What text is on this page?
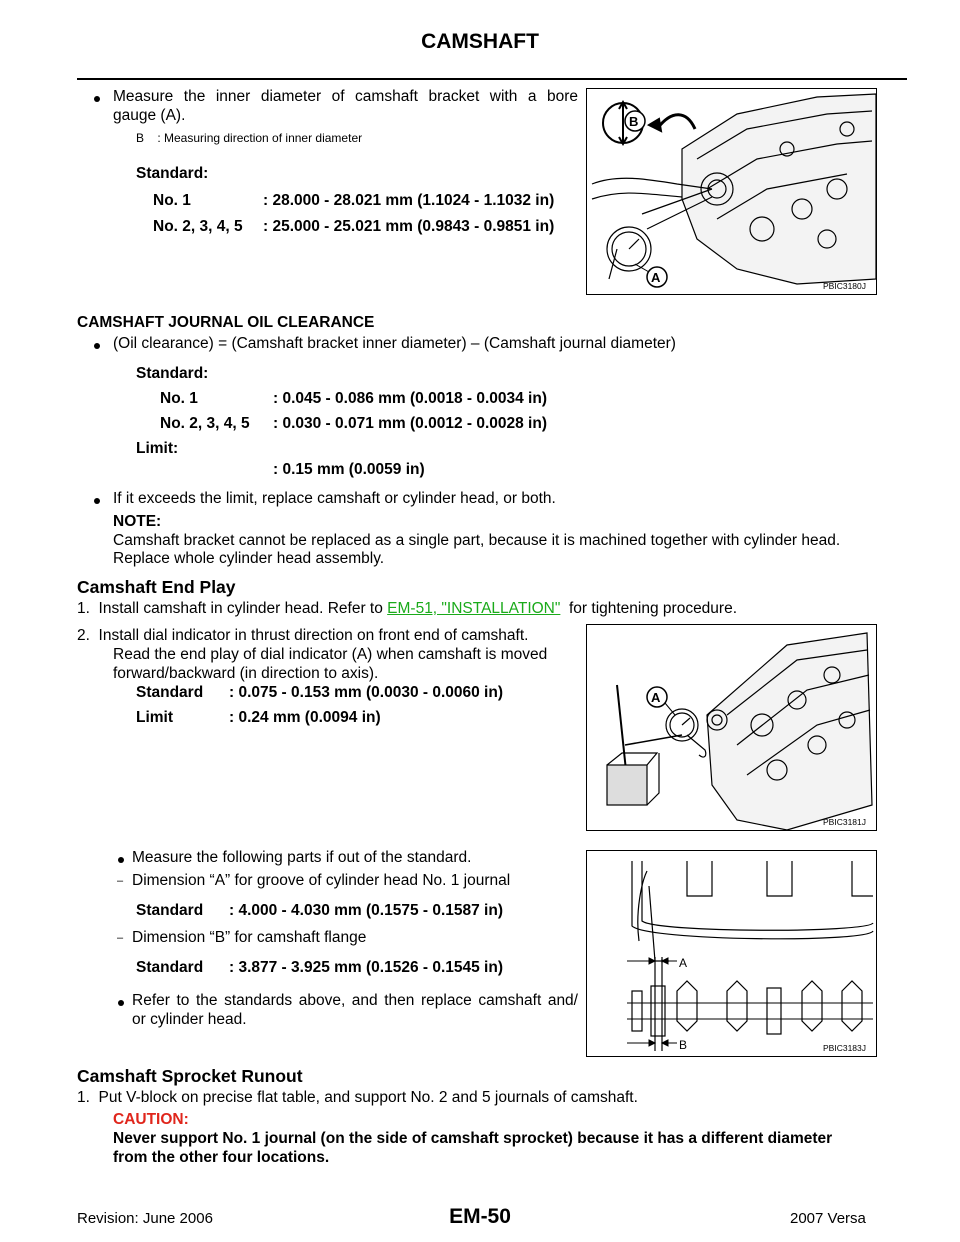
CAMSHAFT
Measure the inner diameter of camshaft bracket with a bore
gauge (A).
B    : Measuring direction of inner diameter
Standard:
No. 1	: 28.000 - 28.021 mm (1.1024 - 1.1032 in)
No. 2, 3, 4, 5 : 25.000 - 25.021 mm (0.9843 - 0.9851 in)
B
A
PBIC3180J
CAMSHAFT JOURNAL OIL CLEARANCE
(Oil clearance) = (Camshaft bracket inner diameter) – (Camshaft journal diameter)
Standard:
No. 1	: 0.045 - 0.086 mm (0.0018 - 0.0034 in)
No. 2, 3, 4, 5 : 0.030 - 0.071 mm (0.0012 - 0.0028 in)
Limit:
: 0.15 mm (0.0059 in)
If it exceeds the limit, replace camshaft or cylinder head, or both.
NOTE:
Camshaft bracket cannot be replaced as a single part, because it is machined together with cylinder head.
Replace whole cylinder head assembly.
Camshaft End Play
1.  Install camshaft in cylinder head. Refer to EM-51, "INSTALLATION"  for tightening procedure.
2.  Install dial indicator in thrust direction on front end of camshaft.
Read the end play of dial indicator (A) when camshaft is moved
forward/backward (in direction to axis).
Standard : 0.075 - 0.153 mm (0.0030 - 0.0060 in)
Limit	: 0.24 mm (0.0094 in)
A
PBIC3181J
Measure the following parts if out of the standard.
– Dimension “A” for groove of cylinder head No. 1 journal
Standard : 4.000 - 4.030 mm (0.1575 - 0.1587 in)
– Dimension “B” for camshaft flange
Standard : 3.877 - 3.925 mm (0.1526 - 0.1545 in)
Refer to the standards above, and then replace camshaft and/
or cylinder head.
A
B	PBIC3183J
Camshaft Sprocket Runout
1.  Put V-block on precise flat table, and support No. 2 and 5 journals of camshaft.
CAUTION:
Never support No. 1 journal (on the side of camshaft sprocket) because it has a different diameter
from the other four locations.
Revision: June 2006	EM-50	2007 Versa
